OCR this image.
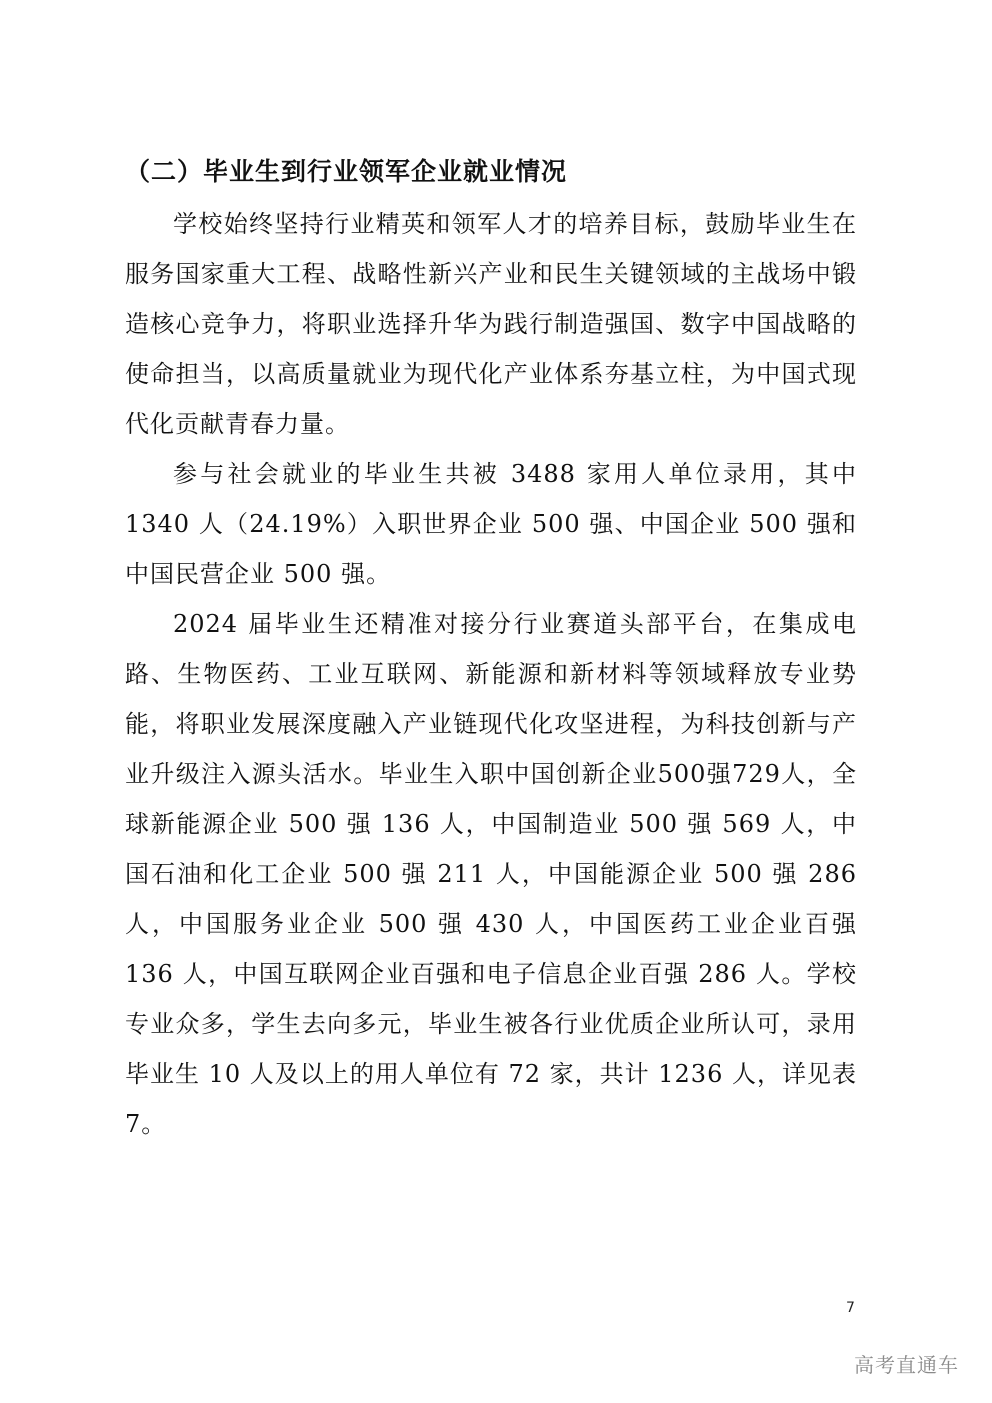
（二）毕业生到行业领军企业就业情况

学校始终坚持行业精英和领军人才的培养目标，鼓励毕业生在服务国家重大工程、战略性新兴产业和民生关键领域的主战场中锻造核心竞争力，将职业选择升华为践行制造强国、数字中国战略的使命担当，以高质量就业为现代化产业体系夯基立柱，为中国式现代化贡献青春力量。

参与社会就业的毕业生共被 3488 家用人单位录用，其中 1340 人（24.19%）入职世界企业 500 强、中国企业 500 强和中国民营企业 500 强。

2024 届毕业生还精准对接分行业赛道头部平台，在集成电路、生物医药、工业互联网、新能源和新材料等领域释放专业势能，将职业发展深度融入产业链现代化攻坚进程，为科技创新与产业升级注入源头活水。毕业生入职中国创新企业500强729人，全球新能源企业 500 强 136 人，中国制造业 500 强 569 人，中国石油和化工企业 500 强 211 人，中国能源企业 500 强 286 人，中国服务业企业 500 强 430 人，中国医药工业企业百强 136 人，中国互联网企业百强和电子信息企业百强 286 人。学校专业众多，学生去向多元，毕业生被各行业优质企业所认可，录用毕业生 10 人及以上的用人单位有 72 家，共计 1236 人，详见表 7。

7
高考直通车
